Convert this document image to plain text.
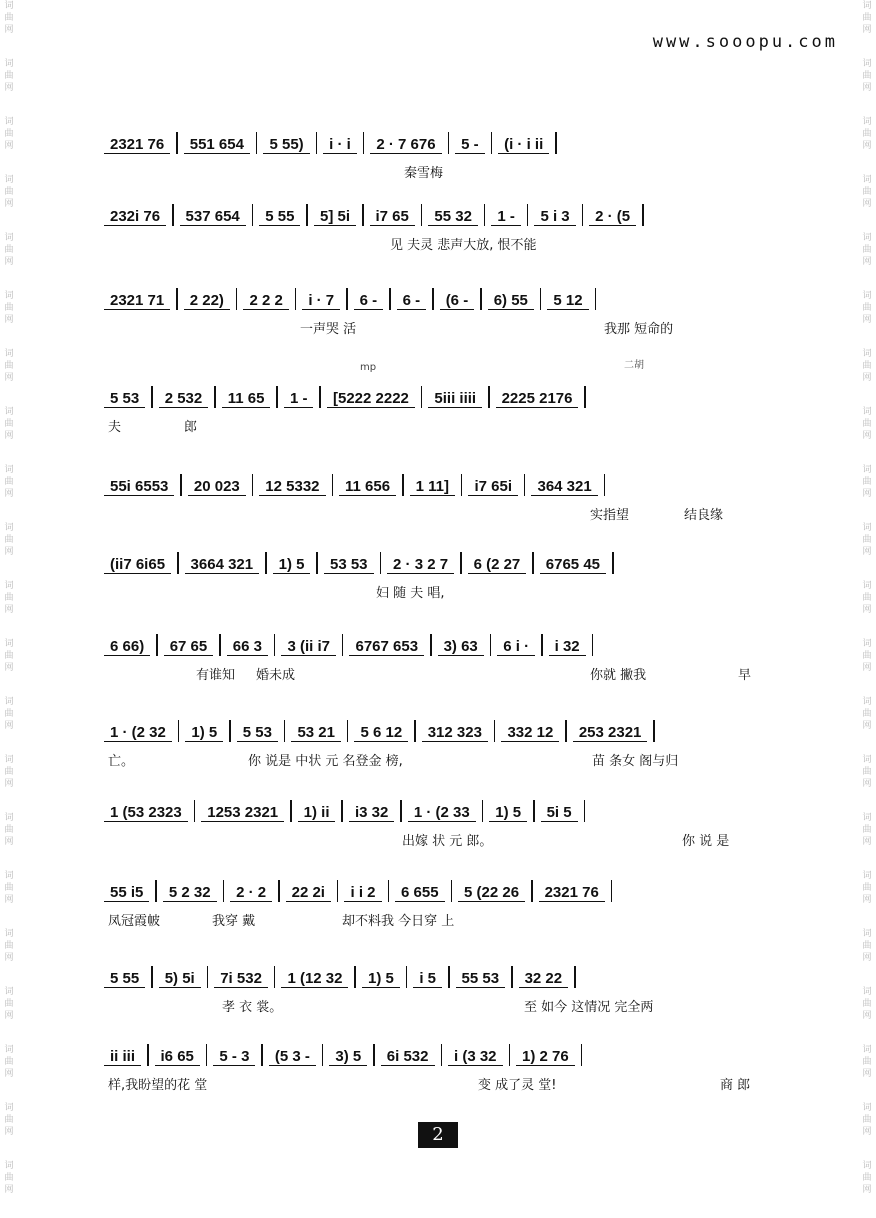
词
曲
网
词
曲
网
词
曲
网
词
曲
网
词
曲
网
词
曲
网
词
曲
网
词
曲
网
词
曲
网
词
曲
网
词
曲
网
词
曲
网
词
曲
网
词
曲
网
词
曲
网
词
曲
网
词
曲
网
词
曲
网
词
曲
网
词
曲
网
词
曲
网
词
曲
网
词
曲
网
词
曲
网
词
曲
网
词
曲
网
词
曲
网
词
曲
网
词
曲
网
词
曲
网
词
曲
网
词
曲
网
词
曲
网
词
曲
网
词
曲
网
词
曲
网
词
曲
网
词
曲
网
词
曲
网
词
曲
网
词
曲
网
词
曲
网
www.sooopu.com
mp	二胡
2321 76	551 654	5 55)	i · i	2 · 7 676	5 -	(i · i ii
秦雪梅
232i 76	537 654	5 55	5] 5i	i7 65	55 32	1 -	5 i 3	2 · (5
见 夫灵 悲声大放, 恨不能
2321 71	2 22)	2 2 2	i · 7	6 -	6 -	(6 -	6) 55	5 12
一声哭 活	我那 短命的
5 53	2 532	11 65	1 -	[5222 2222	5iii iiii	2225 2176
夫	郎
55i 6553	20 023	12 5332	11 656	1 11]	i7 65i	364 321
实指望	结良缘
(ii7 6i65	3664 321	1) 5	53 53	2 · 3 2 7	6 (2 27	6765 45
妇 随 夫 唱,
6 66)	67 65	66 3	3 (ii i7	6767 653	3) 63	6 i ·	i 32
有谁知 婚未成	你就 撇我	早
1 · (2 32	1) 5	5 53	53 21	5 6 12	312 323	332 12	253 2321
亡。	你 说是 中状 元 名登金 榜,	苗 条女 阁与归
1 (53 2323	1253 2321	1) ii	i3 32	1 · (2 33	1) 5	5i 5
出嫁 状 元 郎。	你 说 是
55 i5	5 2 32	2 · 2	22 2i	i i 2	6 655	5 (22 26	2321 76
凤冠霞帔	我穿 戴	却不料我 今日穿 上
5 55	5) 5i	7i 532	1 (12 32	1) 5	i 5	55 53	32 22
孝 衣 裳。	至 如今 这情况 完全两
ii iii	i6 65	5 - 3	(5 3 -	3) 5	6i 532	i (3 32	1) 2 76
样,我盼望的花 堂	变 成了灵 堂!	商 郎
2
